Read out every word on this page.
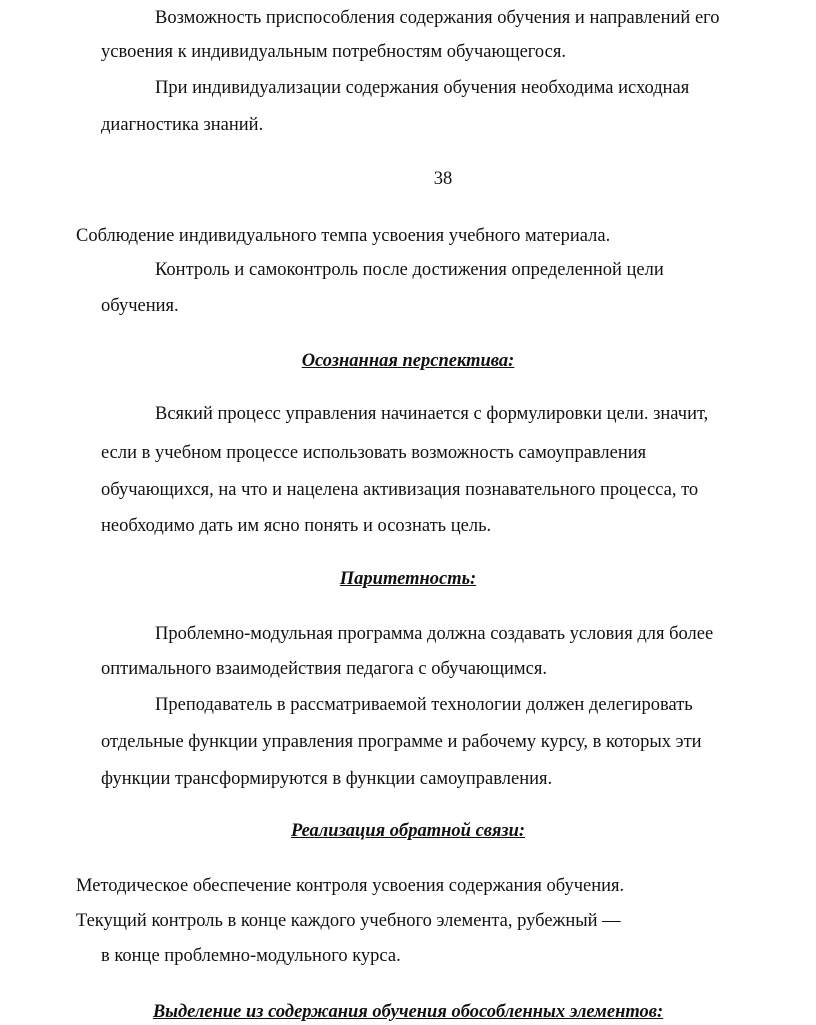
Возможность приспособления содержания обучения и направлений его
усвоения к индивидуальным потребностям обучающегося.
При индивидуализации содержания обучения необходима исходная
диагностика знаний.
38
Соблюдение индивидуального темпа усвоения учебного материала.
Контроль и самоконтроль после достижения определенной цели
обучения.
Осознанная перспектива:
Всякий процесс управления начинается с формулировки цели. значит,
если в учебном процессе использовать возможность самоуправления
обучающихся, на что и нацелена активизация познавательного процесса, то
необходимо дать им ясно понять и осознать цель.
Паритетность:
Проблемно-модульная программа должна создавать условия для более
оптимального взаимодействия педагога с обучающимся.
Преподаватель в рассматриваемой технологии должен делегировать
отдельные функции управления программе и рабочему курсу, в которых эти
функции трансформируются в функции самоуправления.
Реализация обратной связи:
Методическое обеспечение контроля усвоения содержания обучения.
Текущий контроль в конце каждого учебного элемента, рубежный —
в конце проблемно-модульного курса.
Выделение из содержания обучения обособленных элементов:
